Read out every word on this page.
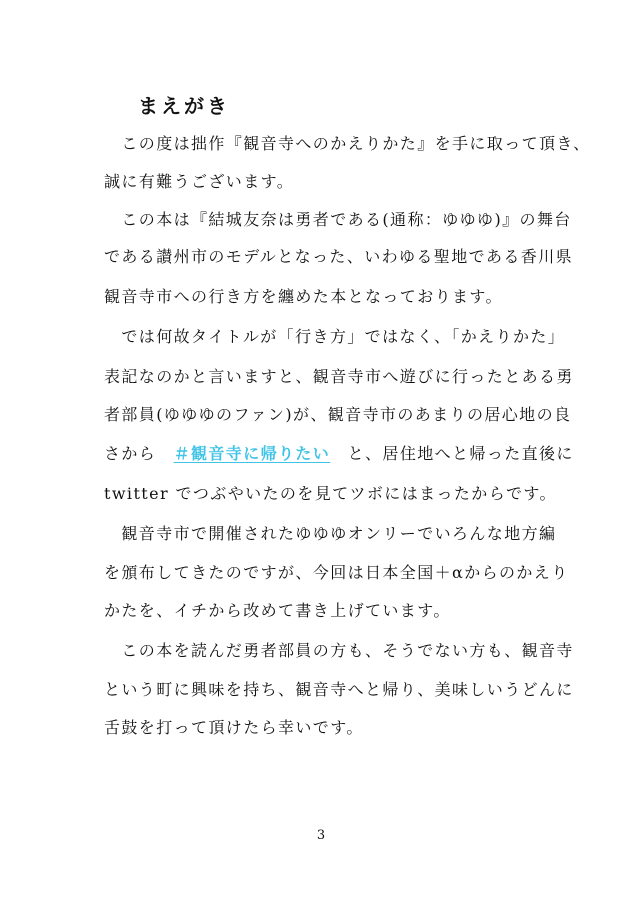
まえがき

　この度は拙作『観音寺へのかえりかた』を手に取って頂き、

誠に有難うございます。

　この本は『結城友奈は勇者である(通称：ゆゆゆ)』の舞台

である讃州市のモデルとなった、いわゆる聖地である香川県

観音寺市への行き方を纏めた本となっております。

　では何故タイトルが「行き方」ではなく、「かえりかた」

表記なのかと言いますと、観音寺市へ遊びに行ったとある勇

者部員(ゆゆゆのファン)が、観音寺市のあまりの居心地の良

さから　＃観音寺に帰りたい　と、居住地へと帰った直後に

twitter でつぶやいたのを見てツボにはまったからです。

　観音寺市で開催されたゆゆゆオンリーでいろんな地方編

を頒布してきたのですが、今回は日本全国＋αからのかえり

かたを、イチから改めて書き上げています。

　この本を読んだ勇者部員の方も、そうでない方も、観音寺

という町に興味を持ち、観音寺へと帰り、美味しいうどんに

舌鼓を打って頂けたら幸いです。

3
